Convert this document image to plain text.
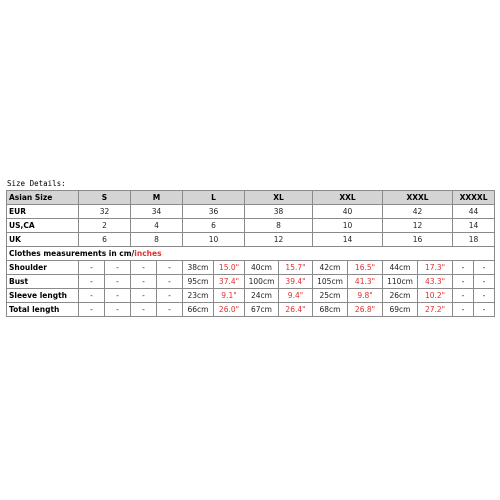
Size Details:
Asian Size	S		M		L		XL		XXL		XXXL		XXXXL	
EUR	32		34		36		38		40		42		44	
US,CA	2		4		6		8		10		12		14	
UK	6		8		10		12		14		16		18	
Clothes measurements in cm/inches														
Shoulder	-	-	-	-	38cm	15.0"	40cm	15.7"	42cm	16.5"	44cm	17.3"	-	-
Bust	-	-	-	-	95cm	37.4"	100cm	39.4"	105cm	41.3"	110cm	43.3"	-	-
Sleeve length	-	-	-	-	23cm	9.1"	24cm	9.4"	25cm	9.8"	26cm	10.2"	-	-
Total length	-	-	-	-	66cm	26.0"	67cm	26.4"	68cm	26.8"	69cm	27.2"	-	-
